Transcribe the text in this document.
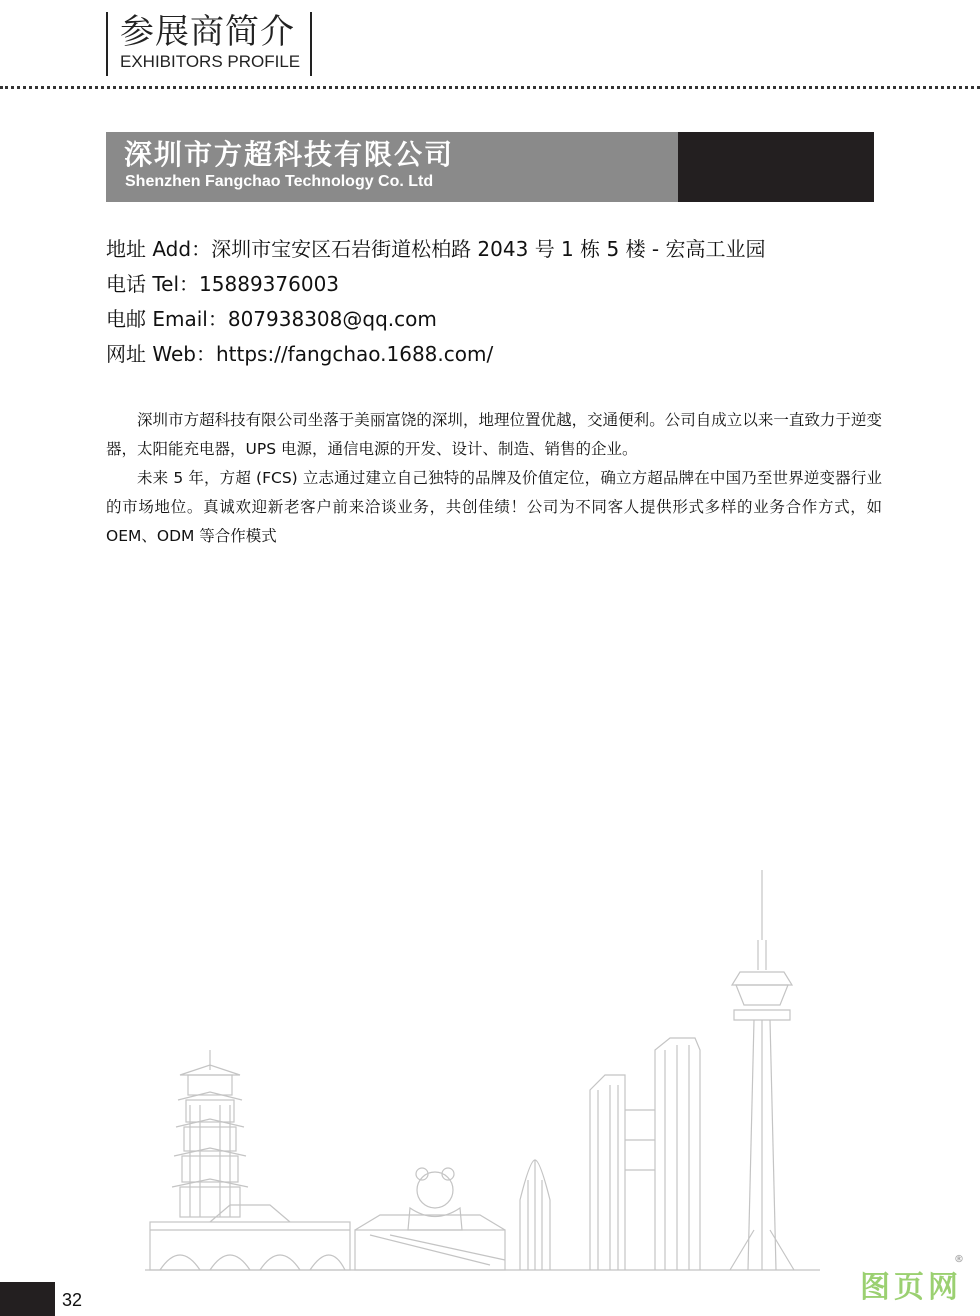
参展商简介
EXHIBITORS PROFILE
深圳市方超科技有限公司
Shenzhen Fangchao Technology Co. Ltd
地址 Add：深圳市宝安区石岩街道松柏路 2043 号 1 栋 5 楼 - 宏高工业园
电话 Tel：15889376003
电邮 Email：807938308@qq.com
网址 Web：https://fangchao.1688.com/

深圳市方超科技有限公司坐落于美丽富饶的深圳，地理位置优越，交通便利。公司自成立以来一直致力于逆变器，太阳能充电器，UPS 电源，通信电源的开发、设计、制造、销售的企业。

未来 5 年，方超 (FCS) 立志通过建立自己独特的品牌及价值定位，确立方超品牌在中国乃至世界逆变器行业的市场地位。真诚欢迎新老客户前来洽谈业务，共创佳绩！公司为不同客人提供形式多样的业务合作方式，如 OEM、ODM 等合作模式

32	图页网
®
